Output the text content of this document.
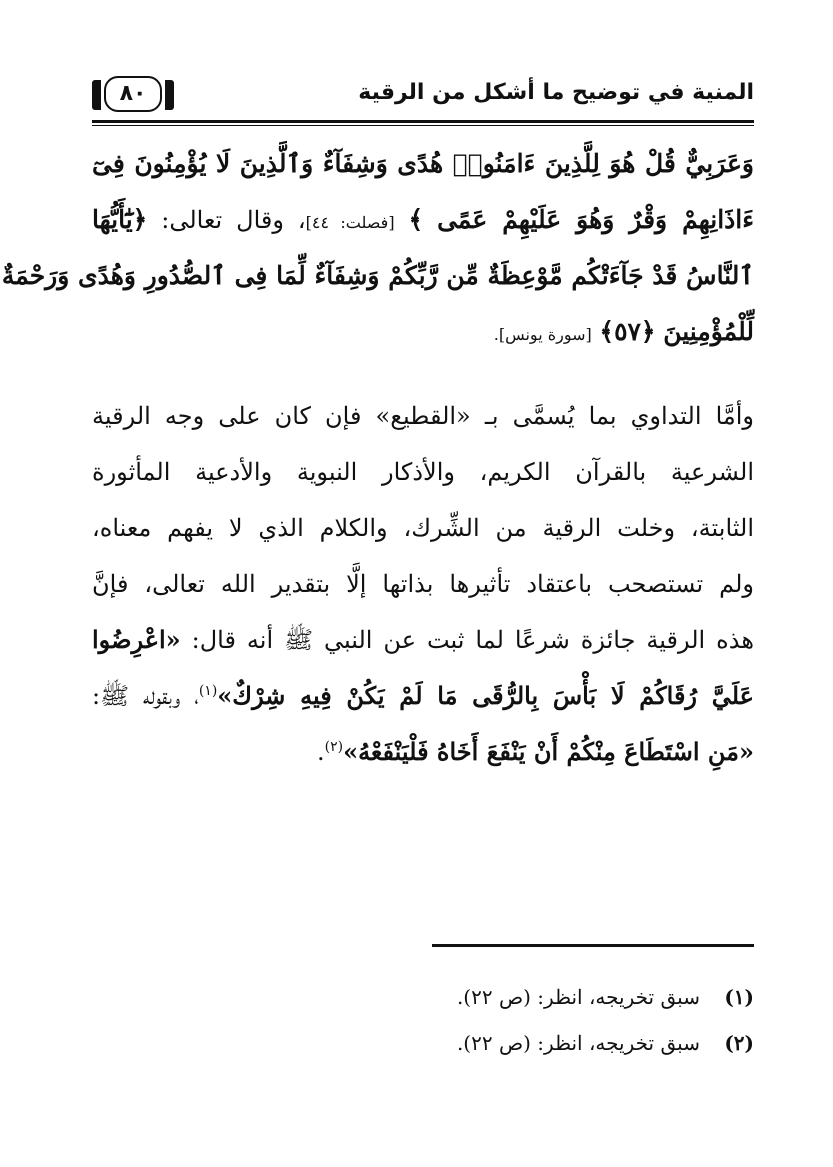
المنية في توضيح ما أشكل من الرقية
٨٠
وَعَرَبِيٌّ قُلْ هُوَ لِلَّذِينَ ءَامَنُوا۟ هُدًى وَشِفَآءٌ وَٱلَّذِينَ لَا يُؤْمِنُونَ فِىٓ
ءَاذَانِهِمْ وَقْرٌ وَهُوَ عَلَيْهِمْ عَمًى ﴾ [فصلت: ٤٤]، وقال تعالى: ﴿يَٰٓأَيُّهَا
ٱلنَّاسُ قَدْ جَآءَتْكُم مَّوْعِظَةٌ مِّن رَّبِّكُمْ وَشِفَآءٌ لِّمَا فِى ٱلصُّدُورِ وَهُدًى وَرَحْمَةٌ
لِّلْمُؤْمِنِينَ ﴿٥٧﴾ [سورة يونس].
وأمَّا التداوي بما يُسمَّى بـ «القطيع» فإن كان على وجه الرقية
الشرعية بالقرآن الكريم، والأذكار النبوية والأدعية المأثورة
الثابتة، وخلت الرقية من الشِّرك، والكلام الذي لا يفهم معناه،
ولم تستصحب باعتقاد تأثيرها بذاتها إلَّا بتقدير الله تعالى، فإنَّ
هذه الرقية جائزة شرعًا لما ثبت عن النبي ﷺ أنه قال: «اعْرِضُوا
عَلَيَّ رُقَاكُمْ لَا بَأْسَ بِالرُّقَى مَا لَمْ يَكُنْ فِيهِ شِرْكٌ»$^{(١)}$، وبقوله ﷺ:
«مَنِ اسْتَطَاعَ مِنْكُمْ أَنْ يَنْفَعَ أَخَاهُ فَلْيَنْفَعْهُ»$^{(٢)}$.
(١) سبق تخريجه، انظر: (ص ٢٢).
(٢) سبق تخريجه، انظر: (ص ٢٢).
